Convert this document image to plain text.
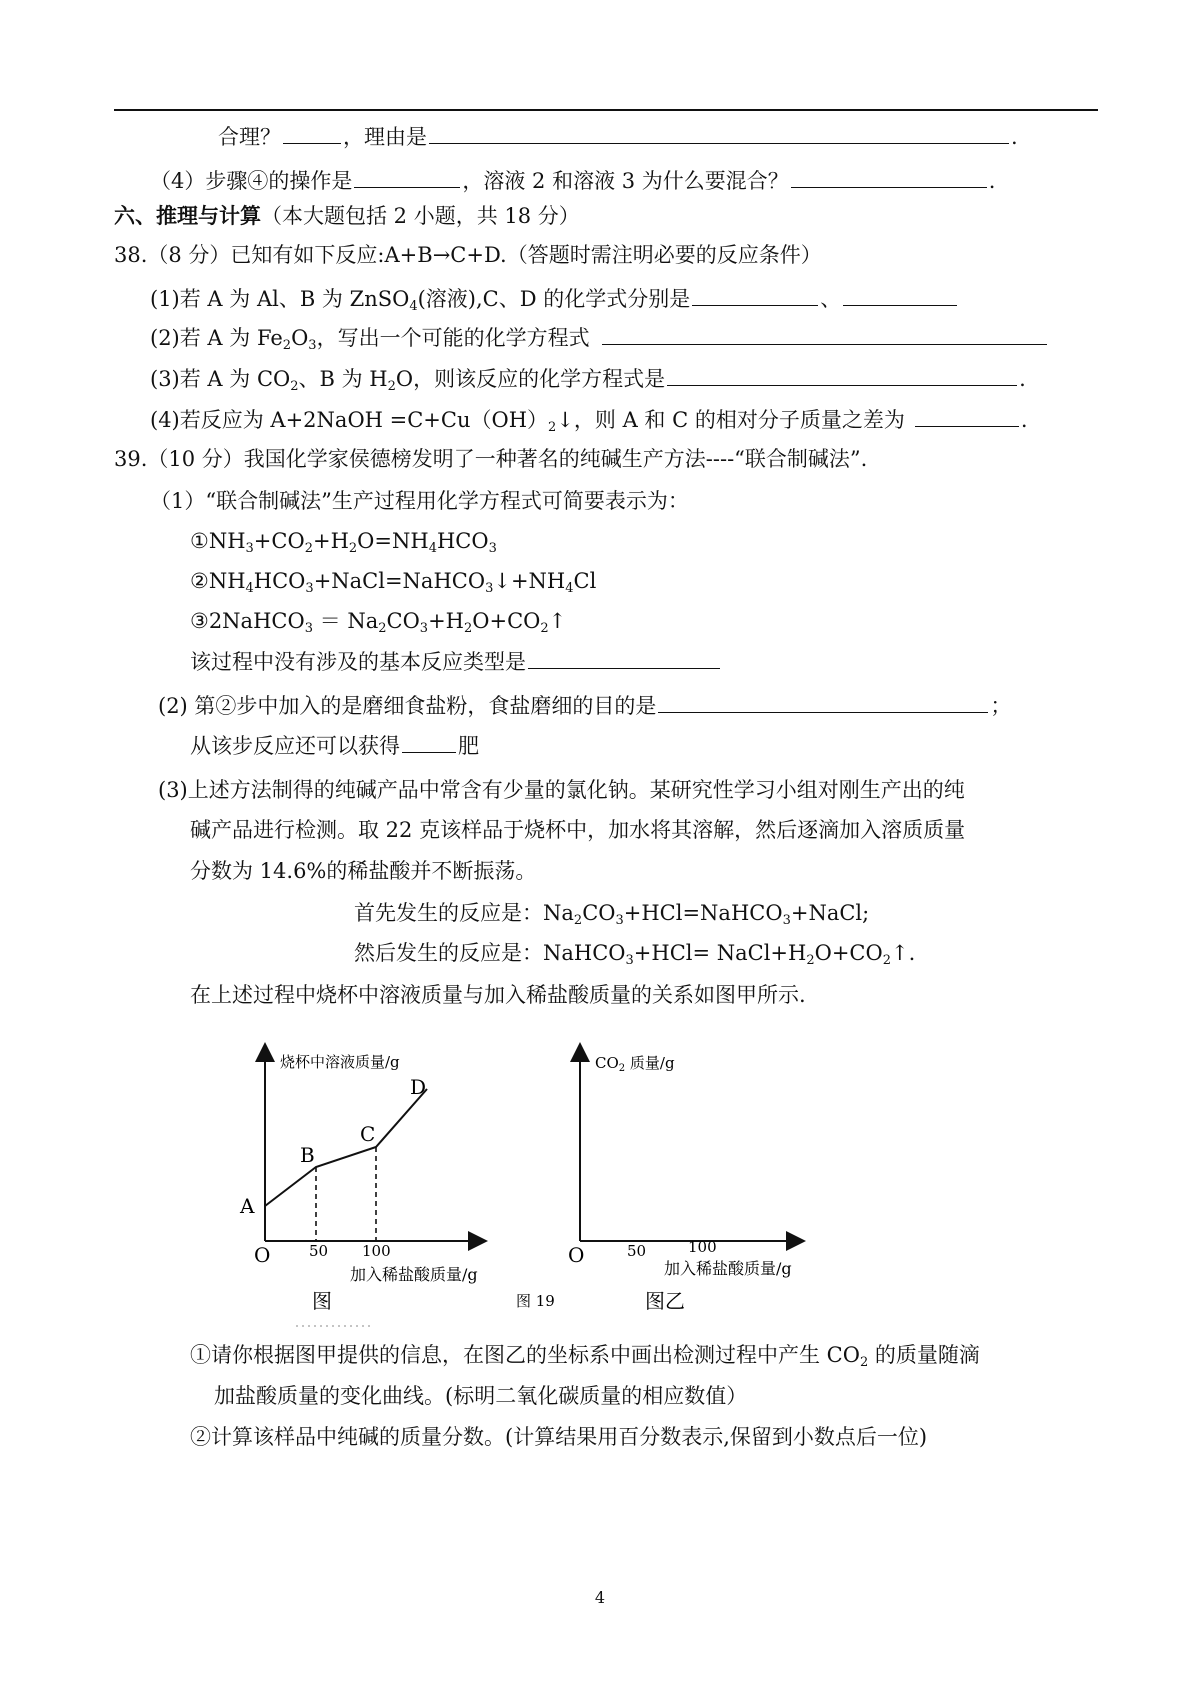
合理？	，理由是	.
（4）步骤④的操作是	，溶液 2 和溶液 3 为什么要混合？	.
六、推理与计算（本大题包括 2 小题，共 18 分）
38.（8 分）已知有如下反应:A+B→C+D.（答题时需注明必要的反应条件）
(1)若 A 为 Al、B 为 ZnSO$_4$(溶液),C、D 的化学式分别是	、
(2)若 A 为 $Fe_2O_3$，写出一个可能的化学方程式
(3)若 A 为 $CO_2$、B 为 $H_2O$，则该反应的化学方程式是	.
(4)若反应为 A+2NaOH $=C+Cu(OH)_2↓$，则 A 和 C 的相对分子质量之差为	.
39.（10 分）我国化学家侯德榜发明了一种著名的纯碱生产方法----“联合制碱法”.
（1）“联合制碱法”生产过程用化学方程式可简要表示为：
$①NH_3+CO_2+H_2O=NH_4HCO_3$
$②NH_4HCO_3+NaCl=NaHCO_3↓+NH_4Cl$
③2NaHCO$_3$ ＝ $Na_2CO_3+H_2O+CO_2↑$
该过程中没有涉及的基本反应类型是
(2) 第②步中加入的是磨细食盐粉，食盐磨细的目的是	；
从该步反应还可以获得	肥
(3)上述方法制得的纯碱产品中常含有少量的氯化钠。某研究性学习小组对刚生产出的纯
碱产品进行检测。取 22 克该样品于烧杯中，加水将其溶解，然后逐滴加入溶质质量
分数为 14.6%的稀盐酸并不断振荡。
首先发生的反应是：$Na_2CO_3+HCl=NaHCO_3+NaCl$;
然后发生的反应是：NaHCO$_3$+HCl= $NaCl+H_2O+CO_2↑$.
在上述过程中烧杯中溶液质量与加入稀盐酸质量的关系如图甲所示.
烧杯中溶液质量/g
A
B
C
D
O	50 100
加入稀盐酸质量/g
图
$CO_2$ 质量/g
O	50	100
加入稀盐酸质量/g
图乙
图 19
①请你根据图甲提供的信息，在图乙的坐标系中画出检测过程中产生 $CO_2$ 的质量随滴
加盐酸质量的变化曲线。(标明二氧化碳质量的相应数值）
②计算该样品中纯碱的质量分数。(计算结果用百分数表示,保留到小数点后一位)
4
